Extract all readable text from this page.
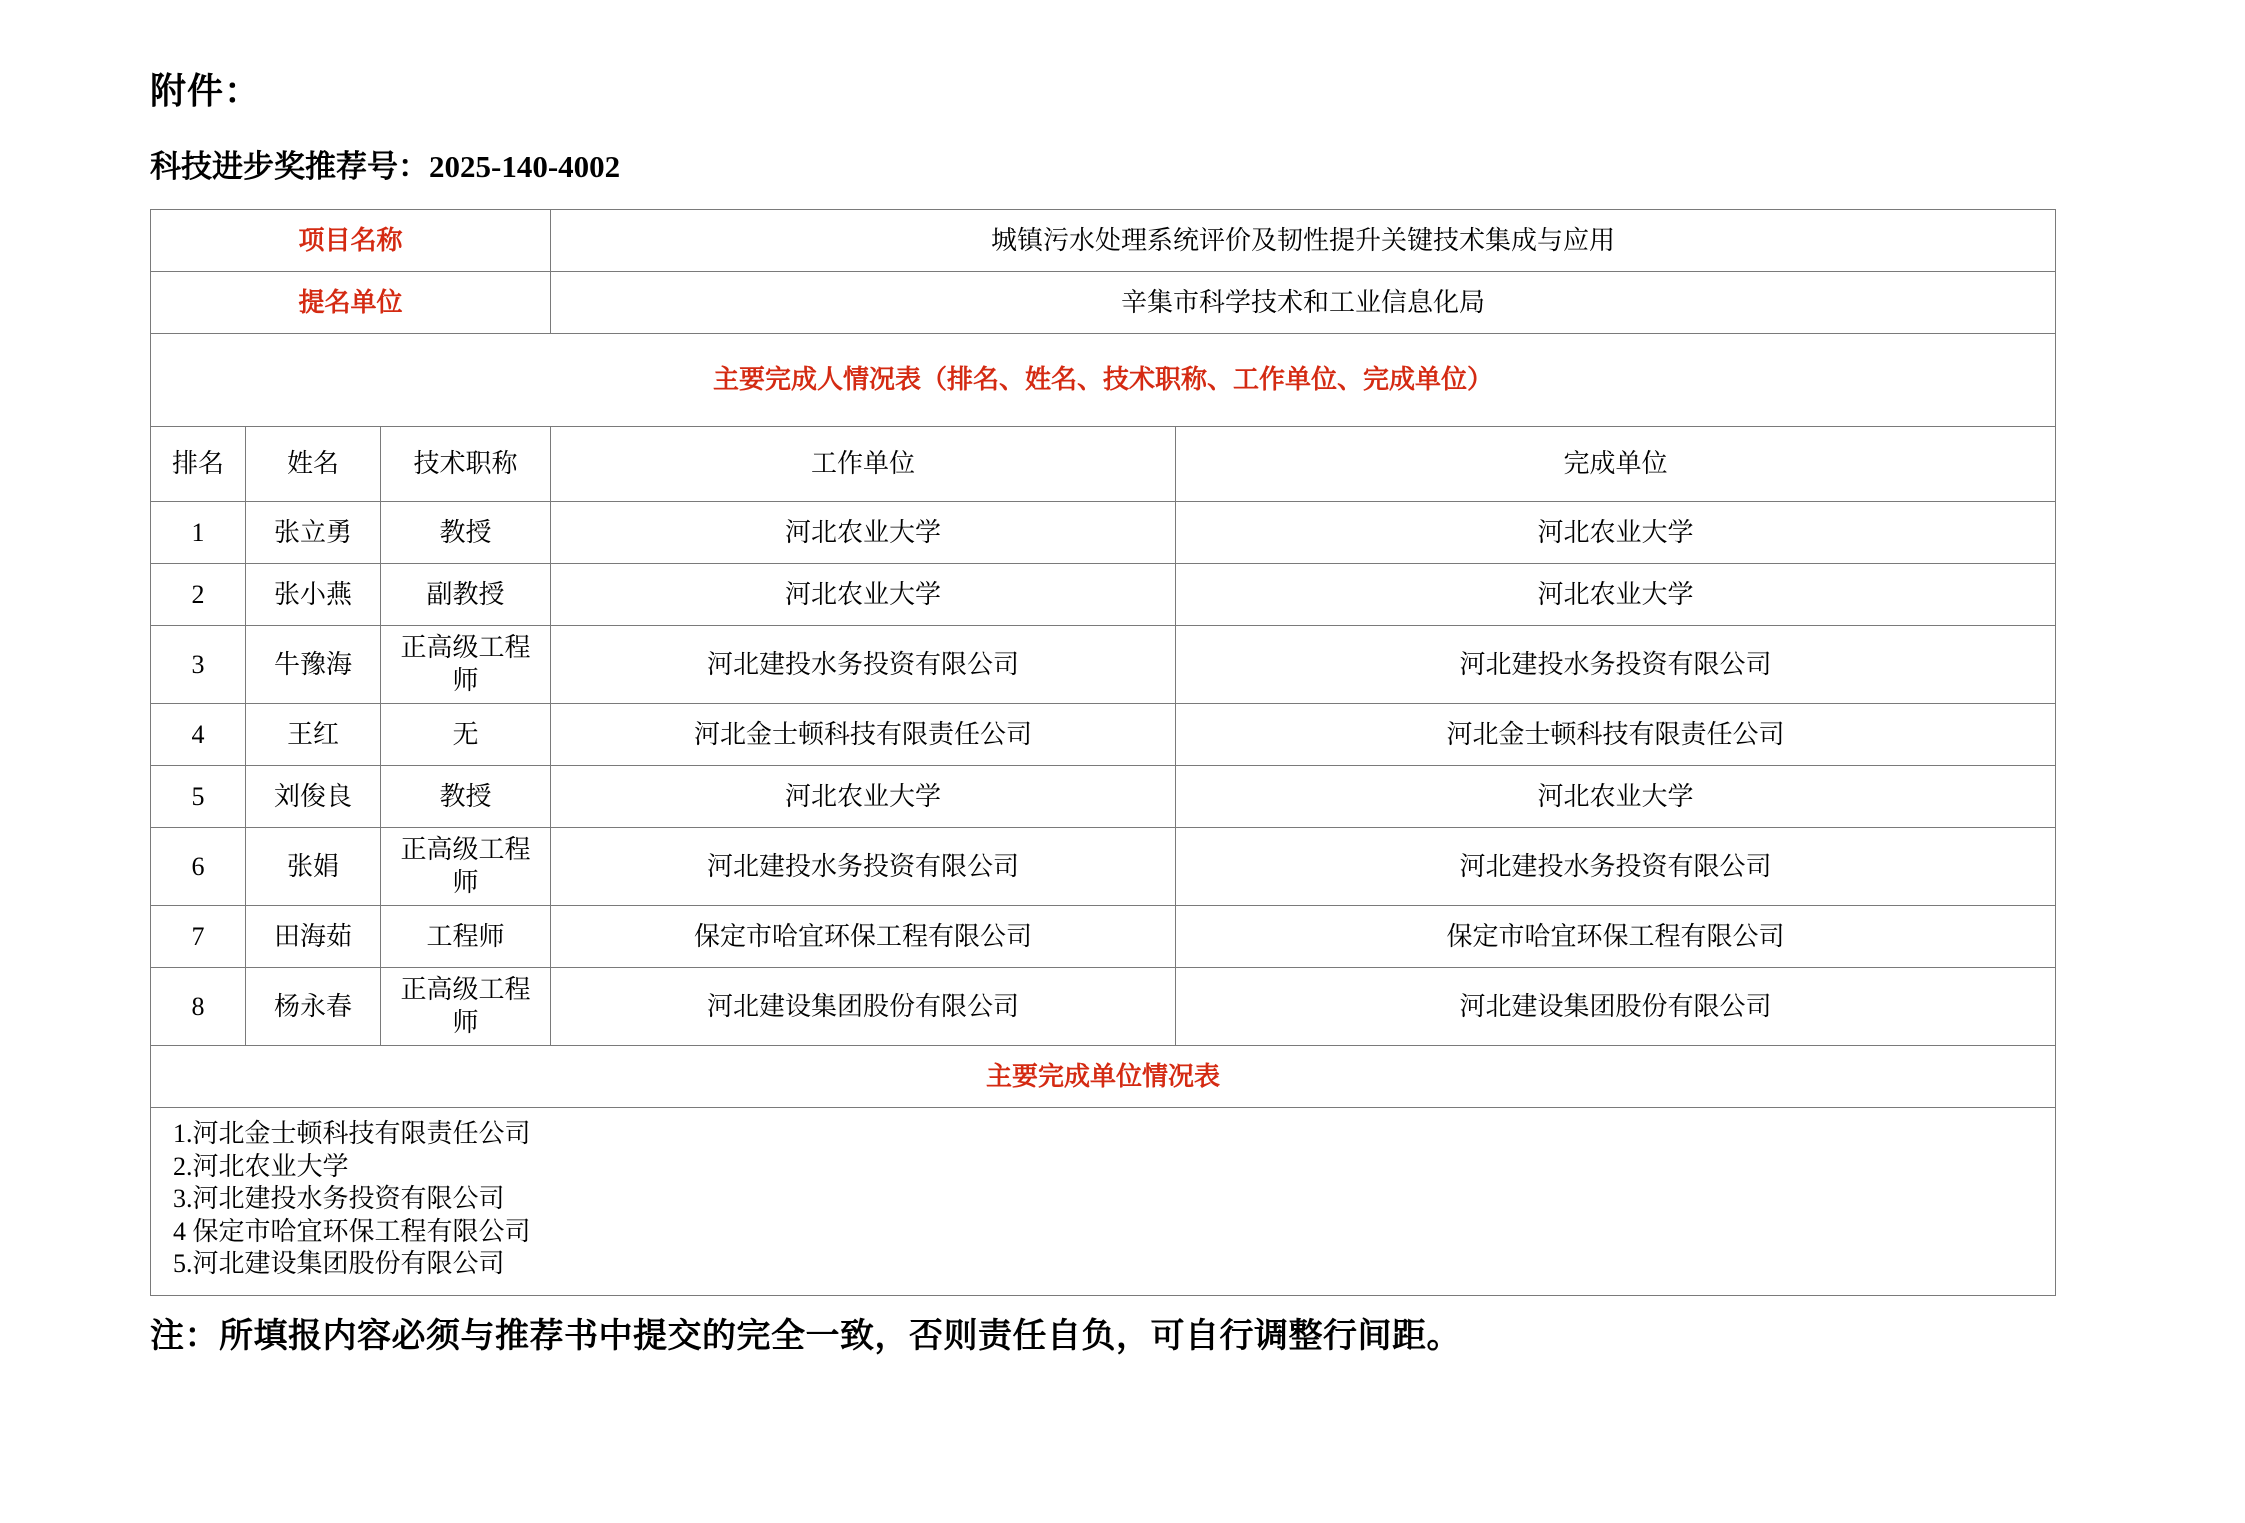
附件：
科技进步奖推荐号：2025-140-4002
项目名称			城镇污水处理系统评价及韧性提升关键技术集成与应用	
提名单位			辛集市科学技术和工业信息化局	
主要完成人情况表（排名、姓名、技术职称、工作单位、完成单位）				
排名	姓名	技术职称	工作单位	完成单位
1	张立勇	教授	河北农业大学	河北农业大学
2	张小燕	副教授	河北农业大学	河北农业大学
3	牛豫海	正高级工程师	河北建投水务投资有限公司	河北建投水务投资有限公司
4	王红	无	河北金士顿科技有限责任公司	河北金士顿科技有限责任公司
5	刘俊良	教授	河北农业大学	河北农业大学
6	张娟	正高级工程师	河北建投水务投资有限公司	河北建投水务投资有限公司
7	田海茹	工程师	保定市哈宜环保工程有限公司	保定市哈宜环保工程有限公司
8	杨永春	正高级工程师	河北建设集团股份有限公司	河北建设集团股份有限公司
主要完成单位情况表				

1.河北金士顿科技有限责任公司
2.河北农业大学
3.河北建投水务投资有限公司
4 保定市哈宜环保工程有限公司
5.河北建设集团股份有限公司				
注：所填报内容必须与推荐书中提交的完全一致，否则责任自负，可自行调整行间距。
